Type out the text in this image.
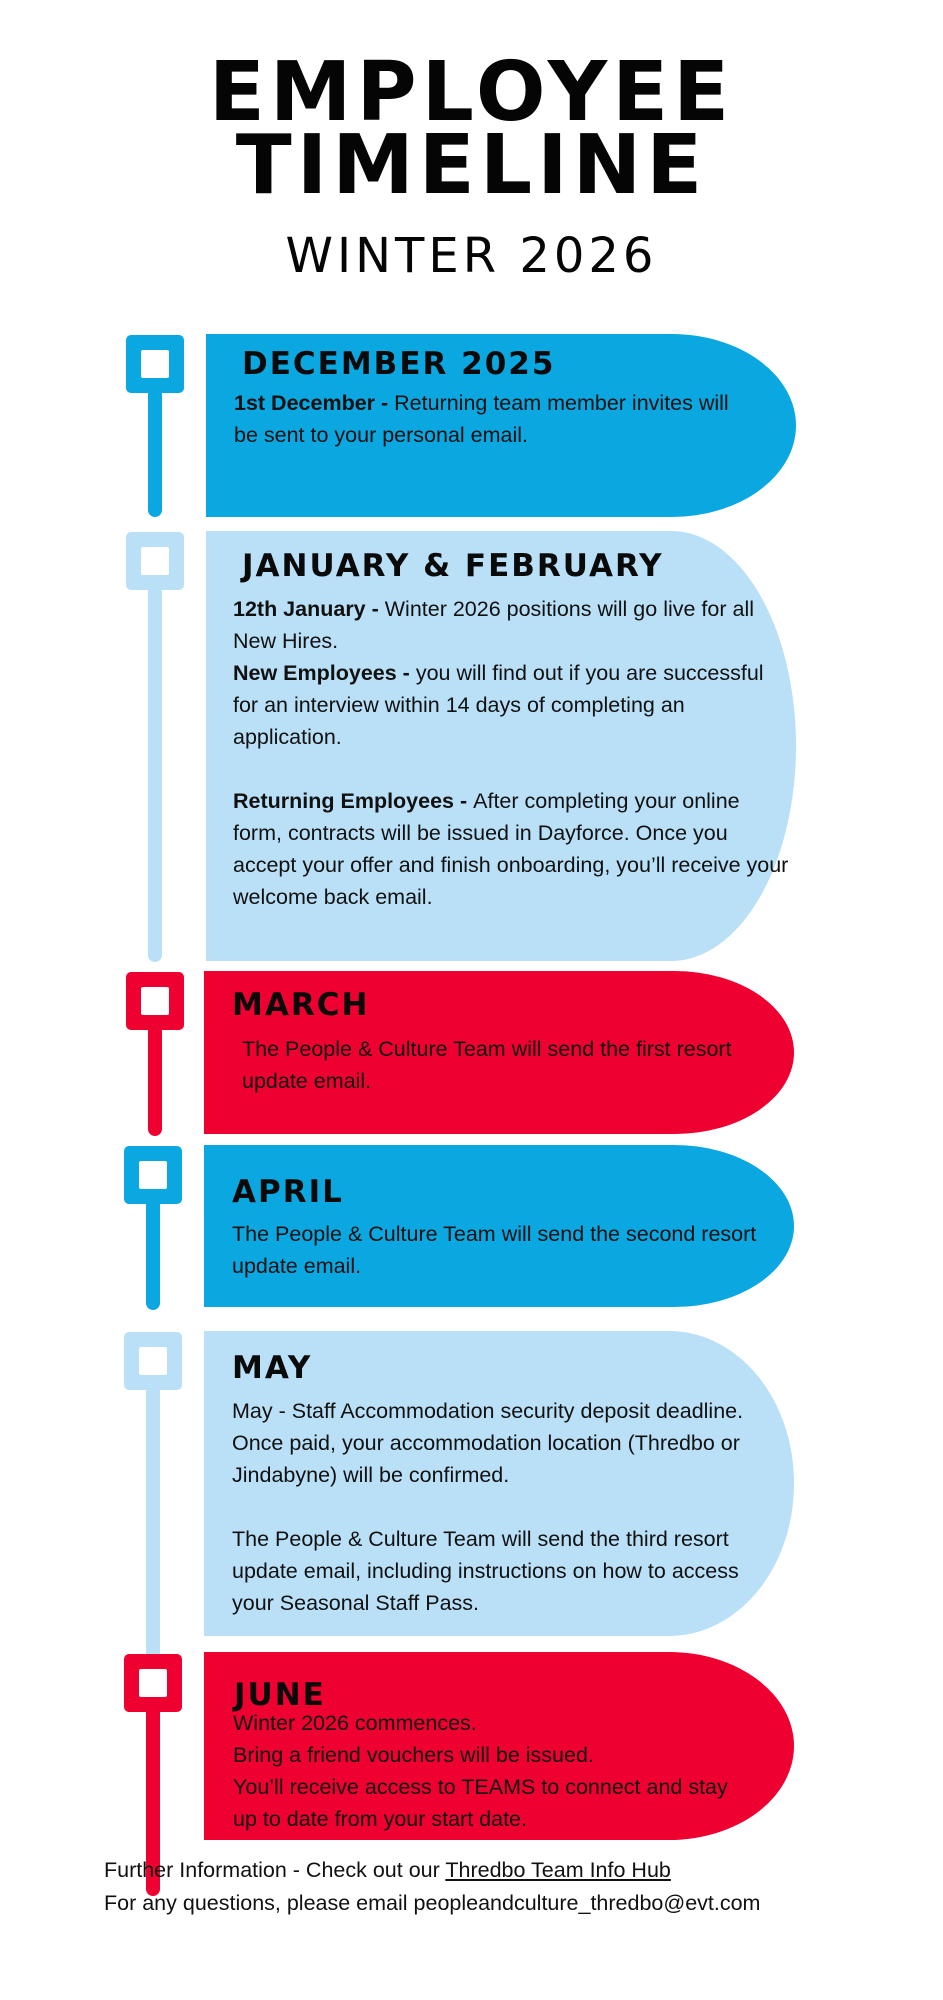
EMPLOYEE
TIMELINE
WINTER 2026
DECEMBER 2025

1st December - Returning team member invites will be sent to your personal email.

JANUARY & FEBRUARY

12th January - Winter 2026 positions will go live for all New Hires.

New Employees - you will find out if you are successful for an interview within 14 days of completing an application.

Returning Employees - After completing your online form, contracts will be issued in Dayforce. Once you accept your offer and finish onboarding, you’ll receive your welcome back email.

MARCH

The People & Culture Team will send the first resort update email.

APRIL

The People & Culture Team will send the second resort update email.

MAY

May - Staff Accommodation security deposit deadline. Once paid, your accommodation location (Thredbo or Jindabyne) will be confirmed.

The People & Culture Team will send the third resort update email, including instructions on how to access your Seasonal Staff Pass.

JUNE

Winter 2026 commences.

Bring a friend vouchers will be issued.

You’ll receive access to TEAMS to connect and stay up to date from your start date.

Further Information - Check out our Thredbo Team Info Hub
For any questions, please email peopleandculture_thredbo@evt.com
